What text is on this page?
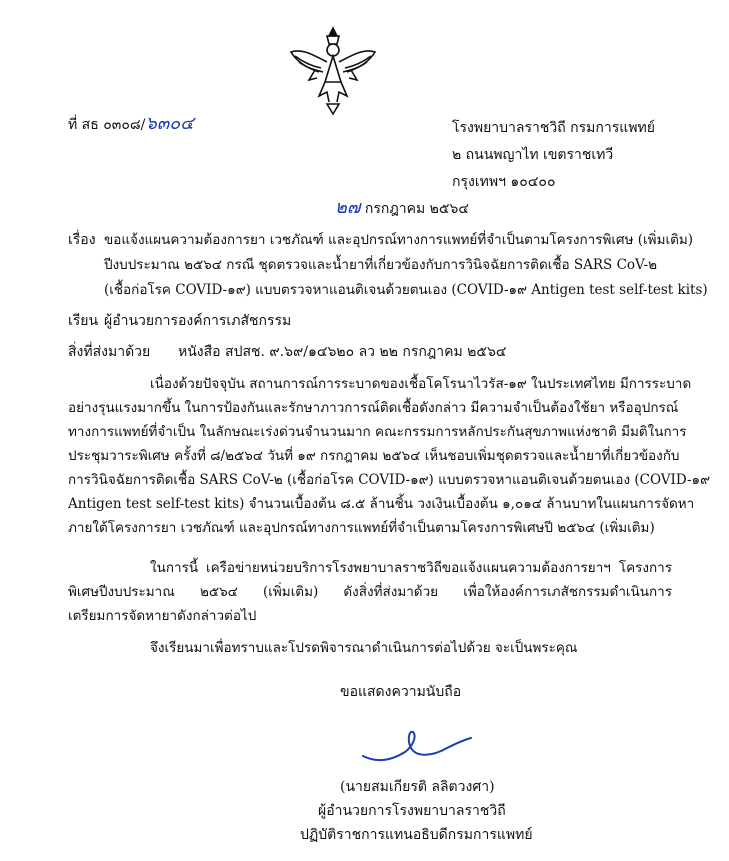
ที่ สธ ๐๓๐๘/๖๓๐๔	โรงพยาบาลราชวิถี กรมการแพทย์
๒ ถนนพญาไท เขตราชเทวี
กรุงเทพฯ ๑๐๔๐๐
๒๗ กรกฎาคม ๒๕๖๔
เรื่อง ขอแจ้งแผนความต้องการยา เวชภัณฑ์ และอุปกรณ์ทางการแพทย์ที่จำเป็นตามโครงการพิเศษ (เพิ่มเติม)
ปีงบประมาณ ๒๕๖๔ กรณี ชุดตรวจและน้ำยาที่เกี่ยวข้องกับการวินิจฉัยการติดเชื้อ SARS CoV-๒
(เชื้อก่อโรค COVID-๑๙) แบบตรวจหาแอนติเจนด้วยตนเอง (COVID-๑๙ Antigen test self-test kits)
เรียน ผู้อำนวยการองค์การเภสัชกรรม
สิ่งที่ส่งมาด้วย หนังสือ สปสช. ๙.๖๙/๑๔๖๒๐ ลว ๒๒ กรกฎาคม ๒๕๖๔
เนื่องด้วยปัจจุบัน สถานการณ์การระบาดของเชื้อโคโรนาไวรัส-๑๙ ในประเทศไทย มีการระบาด
อย่างรุนแรงมากขึ้น ในการป้องกันและรักษาภาวการณ์ติดเชื้อดังกล่าว มีความจำเป็นต้องใช้ยา หรืออุปกรณ์
ทางการแพทย์ที่จำเป็น ในลักษณะเร่งด่วนจำนวนมาก คณะกรรมการหลักประกันสุขภาพแห่งชาติ มีมติในการ
ประชุมวาระพิเศษ ครั้งที่ ๘/๒๕๖๔ วันที่ ๑๙ กรกฎาคม ๒๕๖๔ เห็นชอบเพิ่มชุดตรวจและน้ำยาที่เกี่ยวข้องกับ
การวินิจฉัยการติดเชื้อ SARS CoV-๒ (เชื้อก่อโรค COVID-๑๙) แบบตรวจหาแอนติเจนด้วยตนเอง (COVID-๑๙
Antigen test self-test kits) จำนวนเบื้องต้น ๘.๕ ล้านชิ้น วงเงินเบื้องต้น ๑,๐๑๔ ล้านบาทในแผนการจัดหา
ภายใต้โครงการยา เวชภัณฑ์ และอุปกรณ์ทางการแพทย์ที่จำเป็นตามโครงการพิเศษปี ๒๕๖๔ (เพิ่มเติม)
ในการนี้ เครือข่ายหน่วยบริการโรงพยาบาลราชวิถีขอแจ้งแผนความต้องการยาฯ โครงการ
พิเศษปีงบประมาณ ๒๕๖๔ (เพิ่มเติม) ดังสิ่งที่ส่งมาด้วย เพื่อให้องค์การเภสัชกรรมดำเนินการ
เตรียมการจัดหายาดังกล่าวต่อไป
จึงเรียนมาเพื่อทราบและโปรดพิจารณาดำเนินการต่อไปด้วย จะเป็นพระคุณ
ขอแสดงความนับถือ
(นายสมเกียรติ ลลิตวงศา)
ผู้อำนวยการโรงพยาบาลราชวิถี
ปฏิบัติราชการแทนอธิบดีกรมการแพทย์
